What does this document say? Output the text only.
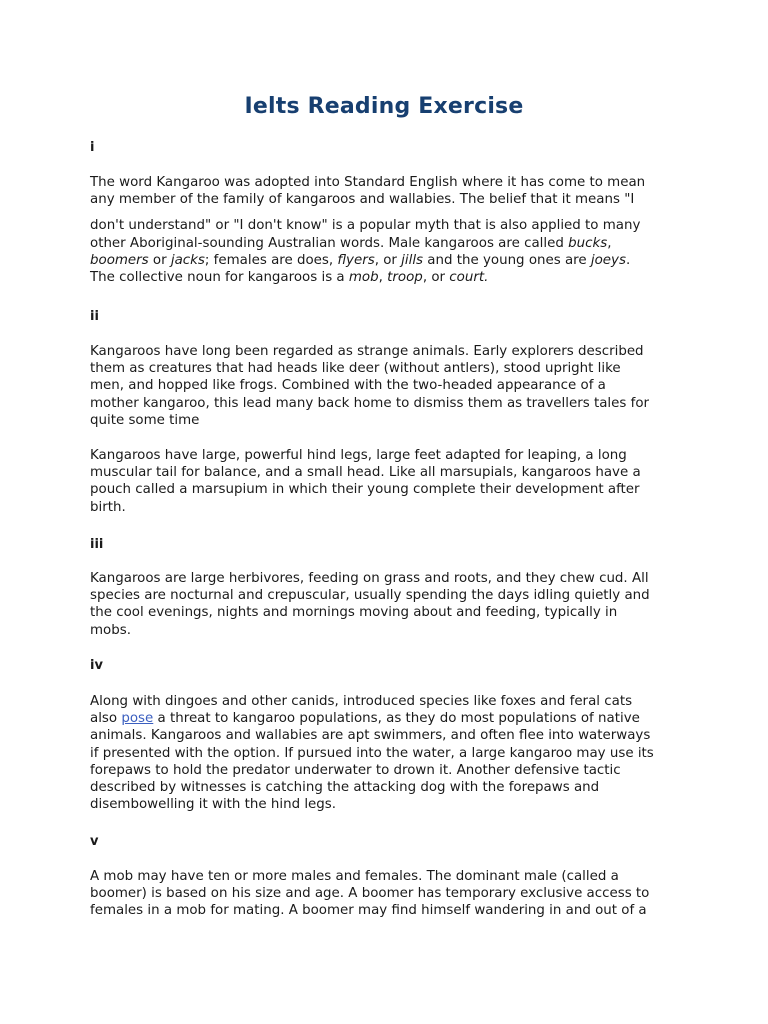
Ielts Reading Exercise
i
The word Kangaroo was adopted into Standard English where it has come to mean
any member of the family of kangaroos and wallabies. The belief that it means "I
don't understand" or "I don't know" is a popular myth that is also applied to many
other Aboriginal-sounding Australian words. Male kangaroos are called bucks,
boomers or jacks; females are does, flyers, or jills and the young ones are joeys.
The collective noun for kangaroos is a mob, troop, or court.
ii
Kangaroos have long been regarded as strange animals. Early explorers described
them as creatures that had heads like deer (without antlers), stood upright like
men, and hopped like frogs. Combined with the two-headed appearance of a
mother kangaroo, this lead many back home to dismiss them as travellers tales for
quite some time
Kangaroos have large, powerful hind legs, large feet adapted for leaping, a long
muscular tail for balance, and a small head. Like all marsupials, kangaroos have a
pouch called a marsupium in which their young complete their development after
birth.
iii
Kangaroos are large herbivores, feeding on grass and roots, and they chew cud. All
species are nocturnal and crepuscular, usually spending the days idling quietly and
the cool evenings, nights and mornings moving about and feeding, typically in
mobs.
iv
Along with dingoes and other canids, introduced species like foxes and feral cats
also pose a threat to kangaroo populations, as they do most populations of native
animals. Kangaroos and wallabies are apt swimmers, and often flee into waterways
if presented with the option. If pursued into the water, a large kangaroo may use its
forepaws to hold the predator underwater to drown it. Another defensive tactic
described by witnesses is catching the attacking dog with the forepaws and
disembowelling it with the hind legs.
v
A mob may have ten or more males and females. The dominant male (called a
boomer) is based on his size and age. A boomer has temporary exclusive access to
females in a mob for mating. A boomer may find himself wandering in and out of a
